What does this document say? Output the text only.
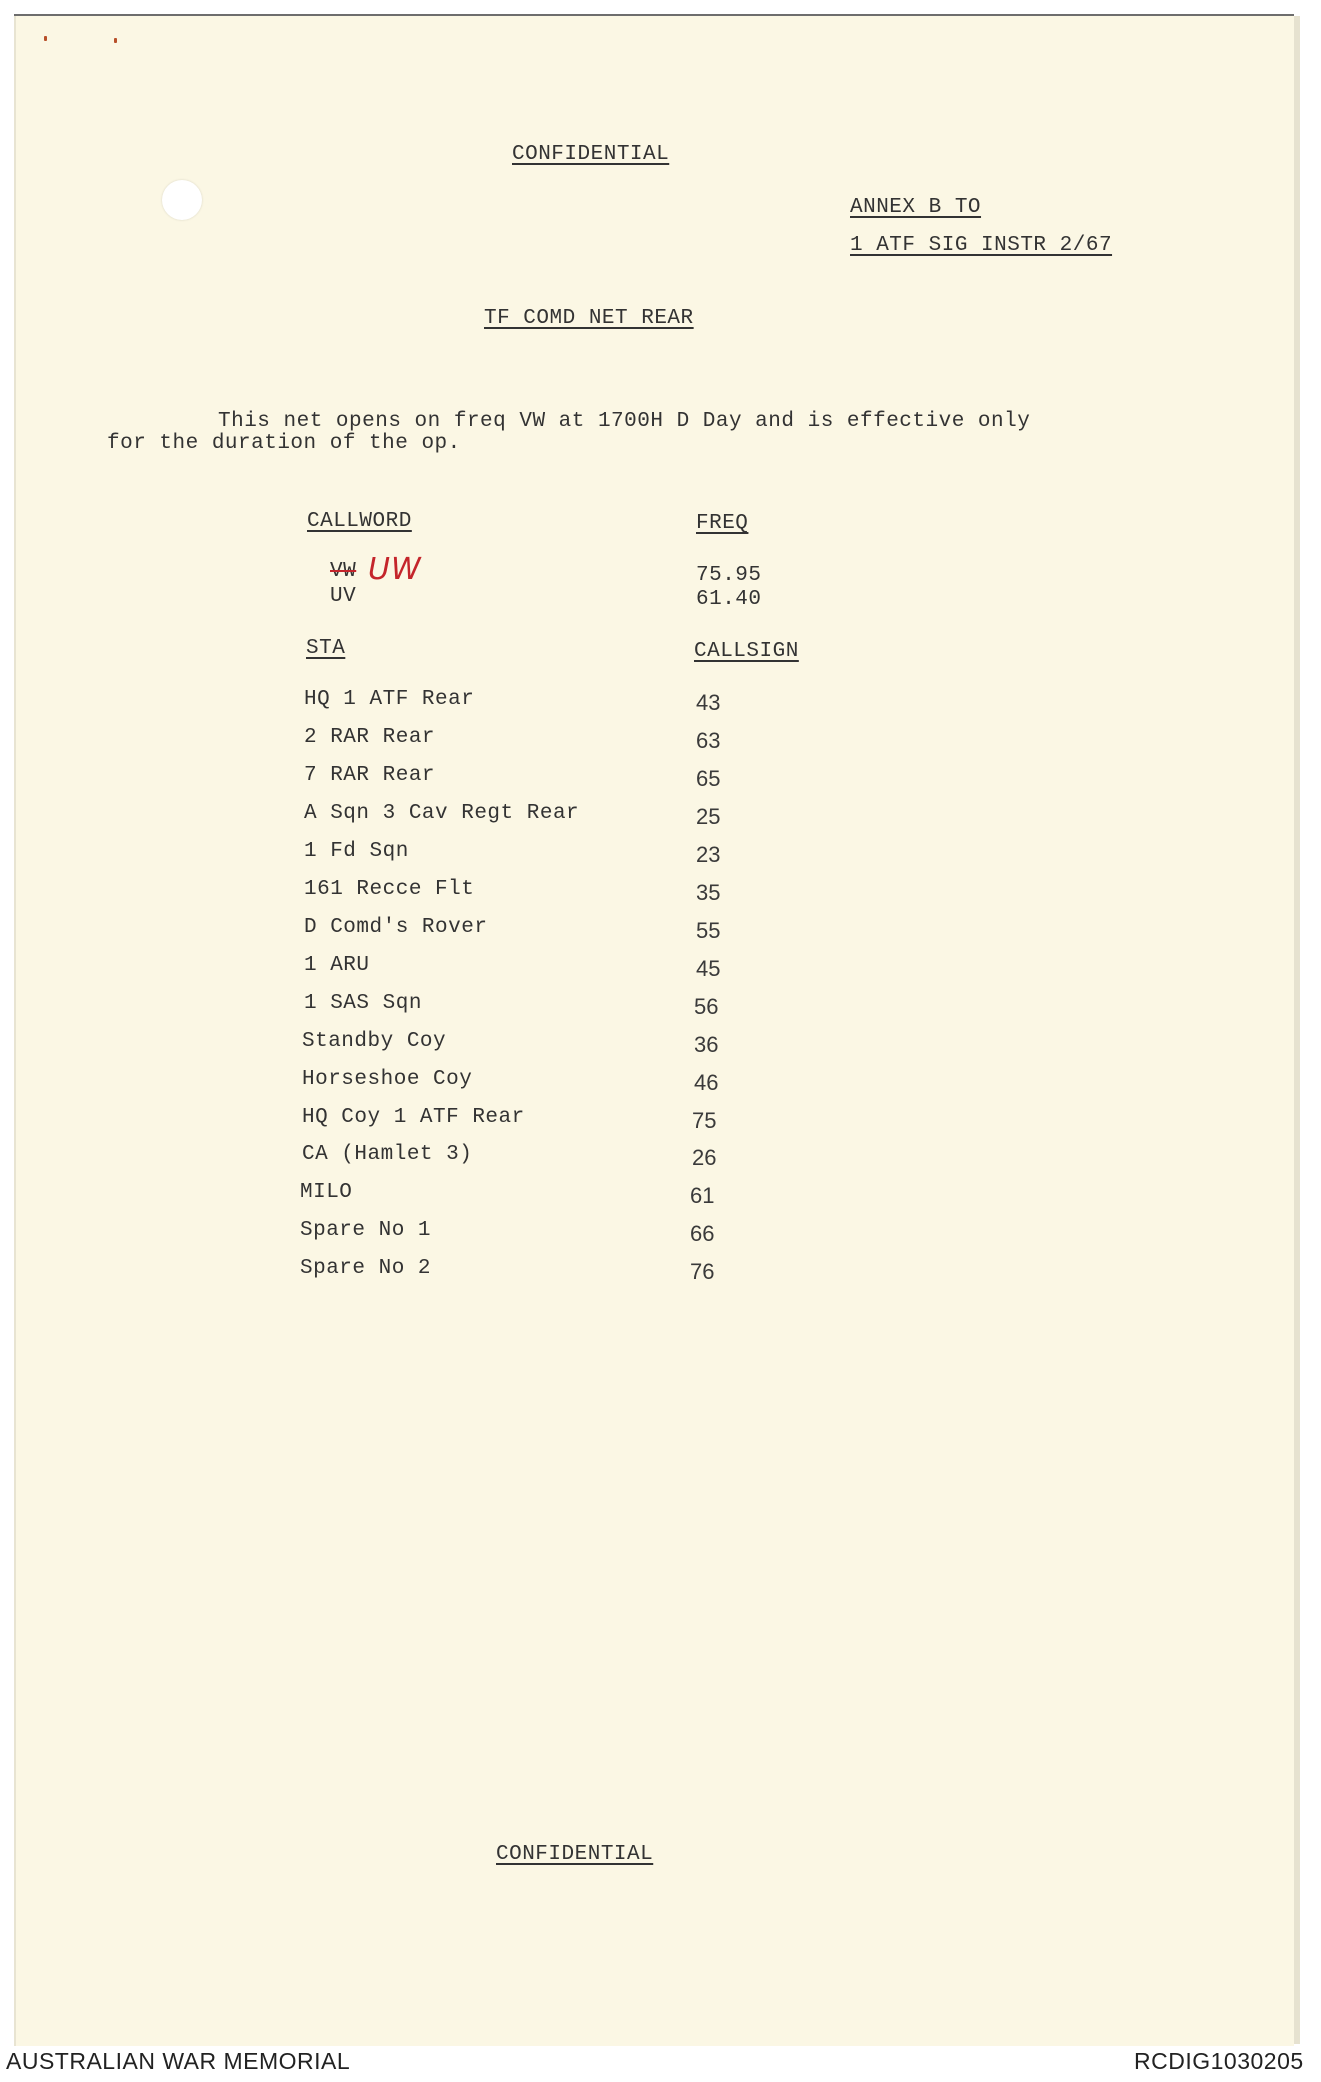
CONFIDENTIAL
ANNEX B TO
1 ATF SIG INSTR 2/67
TF COMD NET REAR
This net opens on freq VW at 1700H D Day and is effective only
for the duration of the op.
CALLWORD	FREQ
VW UW	75.95
UV	61.40
STA	CALLSIGN
HQ 1 ATF Rear	43
2 RAR Rear	63
7 RAR Rear	65
A Sqn 3 Cav Regt Rear	25
1 Fd Sqn	23
161 Recce Flt	35
D Comd's Rover	55
1 ARU	45
1 SAS Sqn	56
Standby Coy	36
Horseshoe Coy	46
HQ Coy 1 ATF Rear	75
CA (Hamlet 3)	26
MILO	61
Spare No 1	66
Spare No 2	76
CONFIDENTIAL
AUSTRALIAN WAR MEMORIAL	RCDIG1030205
